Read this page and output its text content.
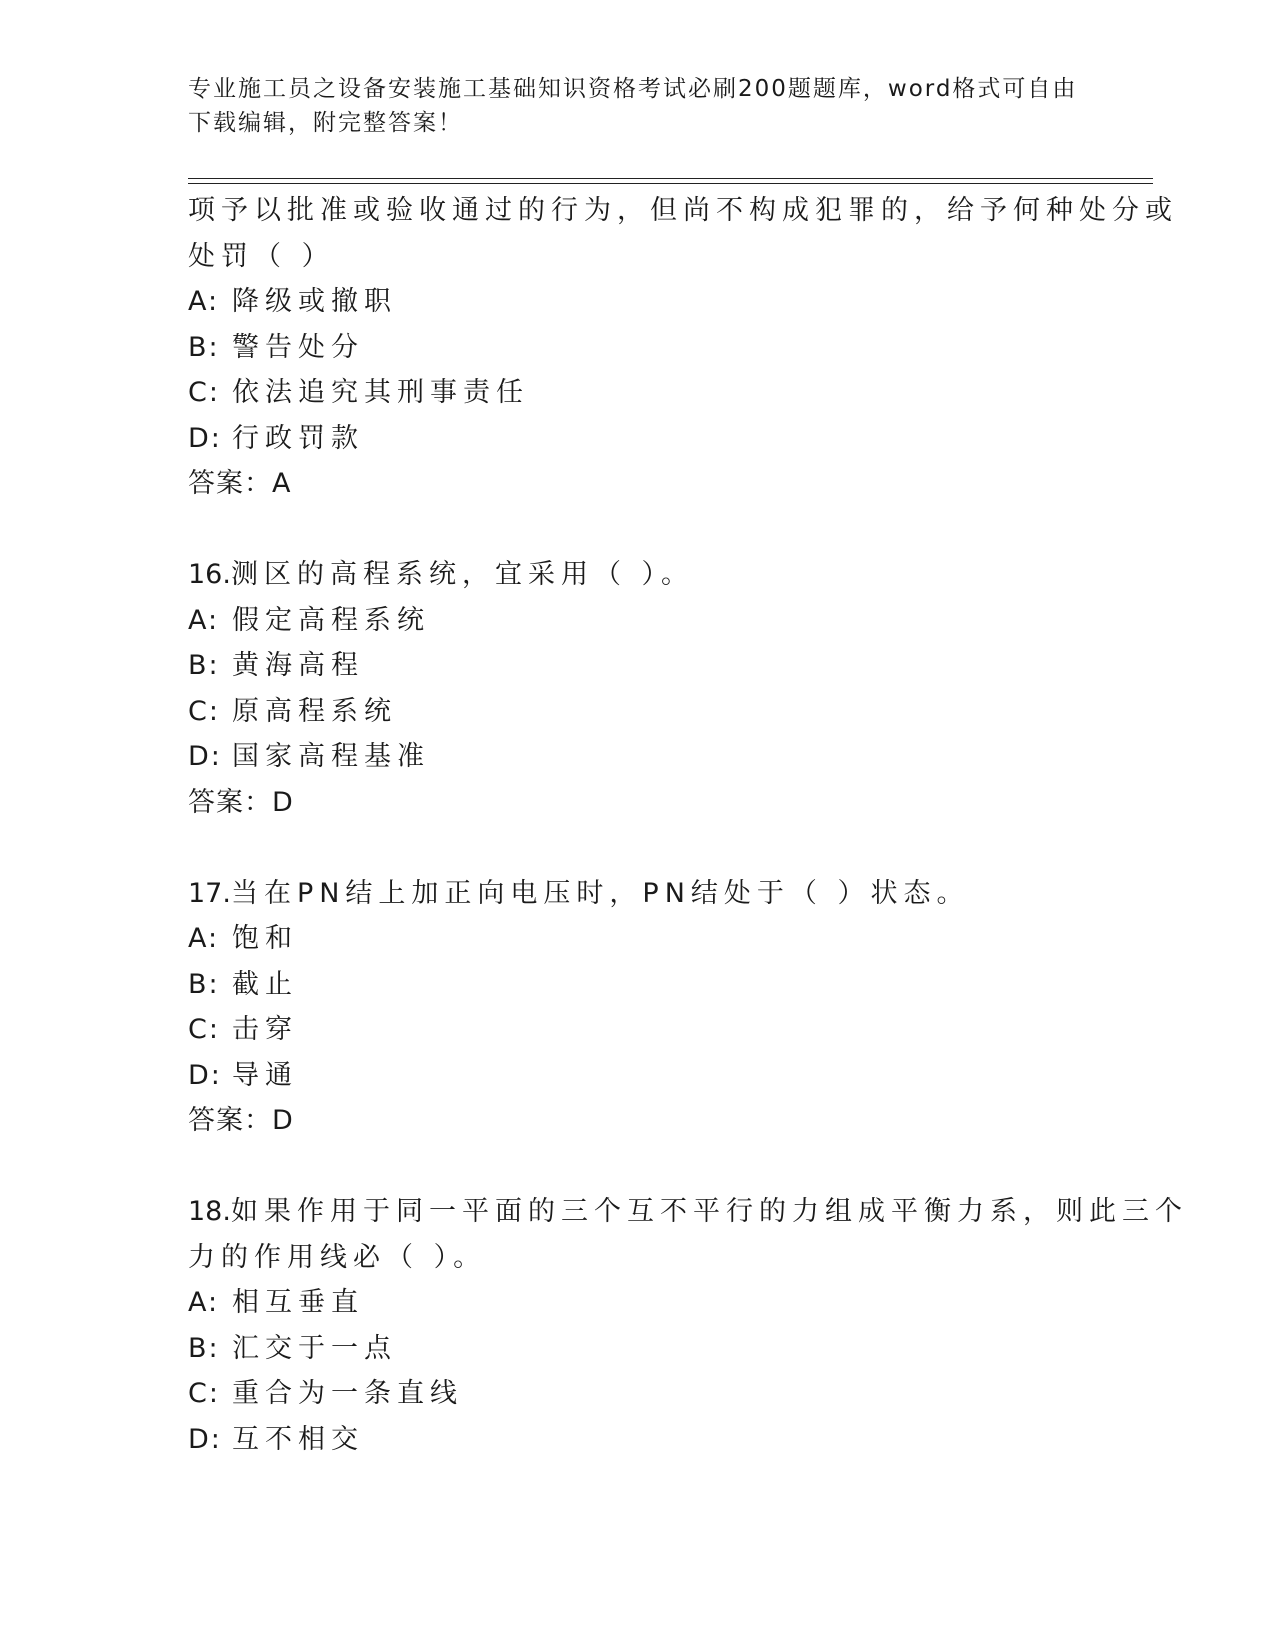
专业施工员之设备安装施工基础知识资格考试必刷200题题库，word格式可自由
下载编辑，附完整答案！
项予以批准或验收通过的行为，但尚不构成犯罪的，给予何种处分或
处罚（ ）
A: 降级或撤职
B: 警告处分
C: 依法追究其刑事责任
D: 行政罚款
答案：A
16.测区的高程系统，宜采用（ ）。
A: 假定高程系统
B: 黄海高程
C: 原高程系统
D: 国家高程基准
答案：D
17.当在PN结上加正向电压时，PN结处于（ ）状态。
A: 饱和
B: 截止
C: 击穿
D: 导通
答案：D
18.如果作用于同一平面的三个互不平行的力组成平衡力系，则此三个
力的作用线必（ ）。
A: 相互垂直
B: 汇交于一点
C: 重合为一条直线
D: 互不相交
